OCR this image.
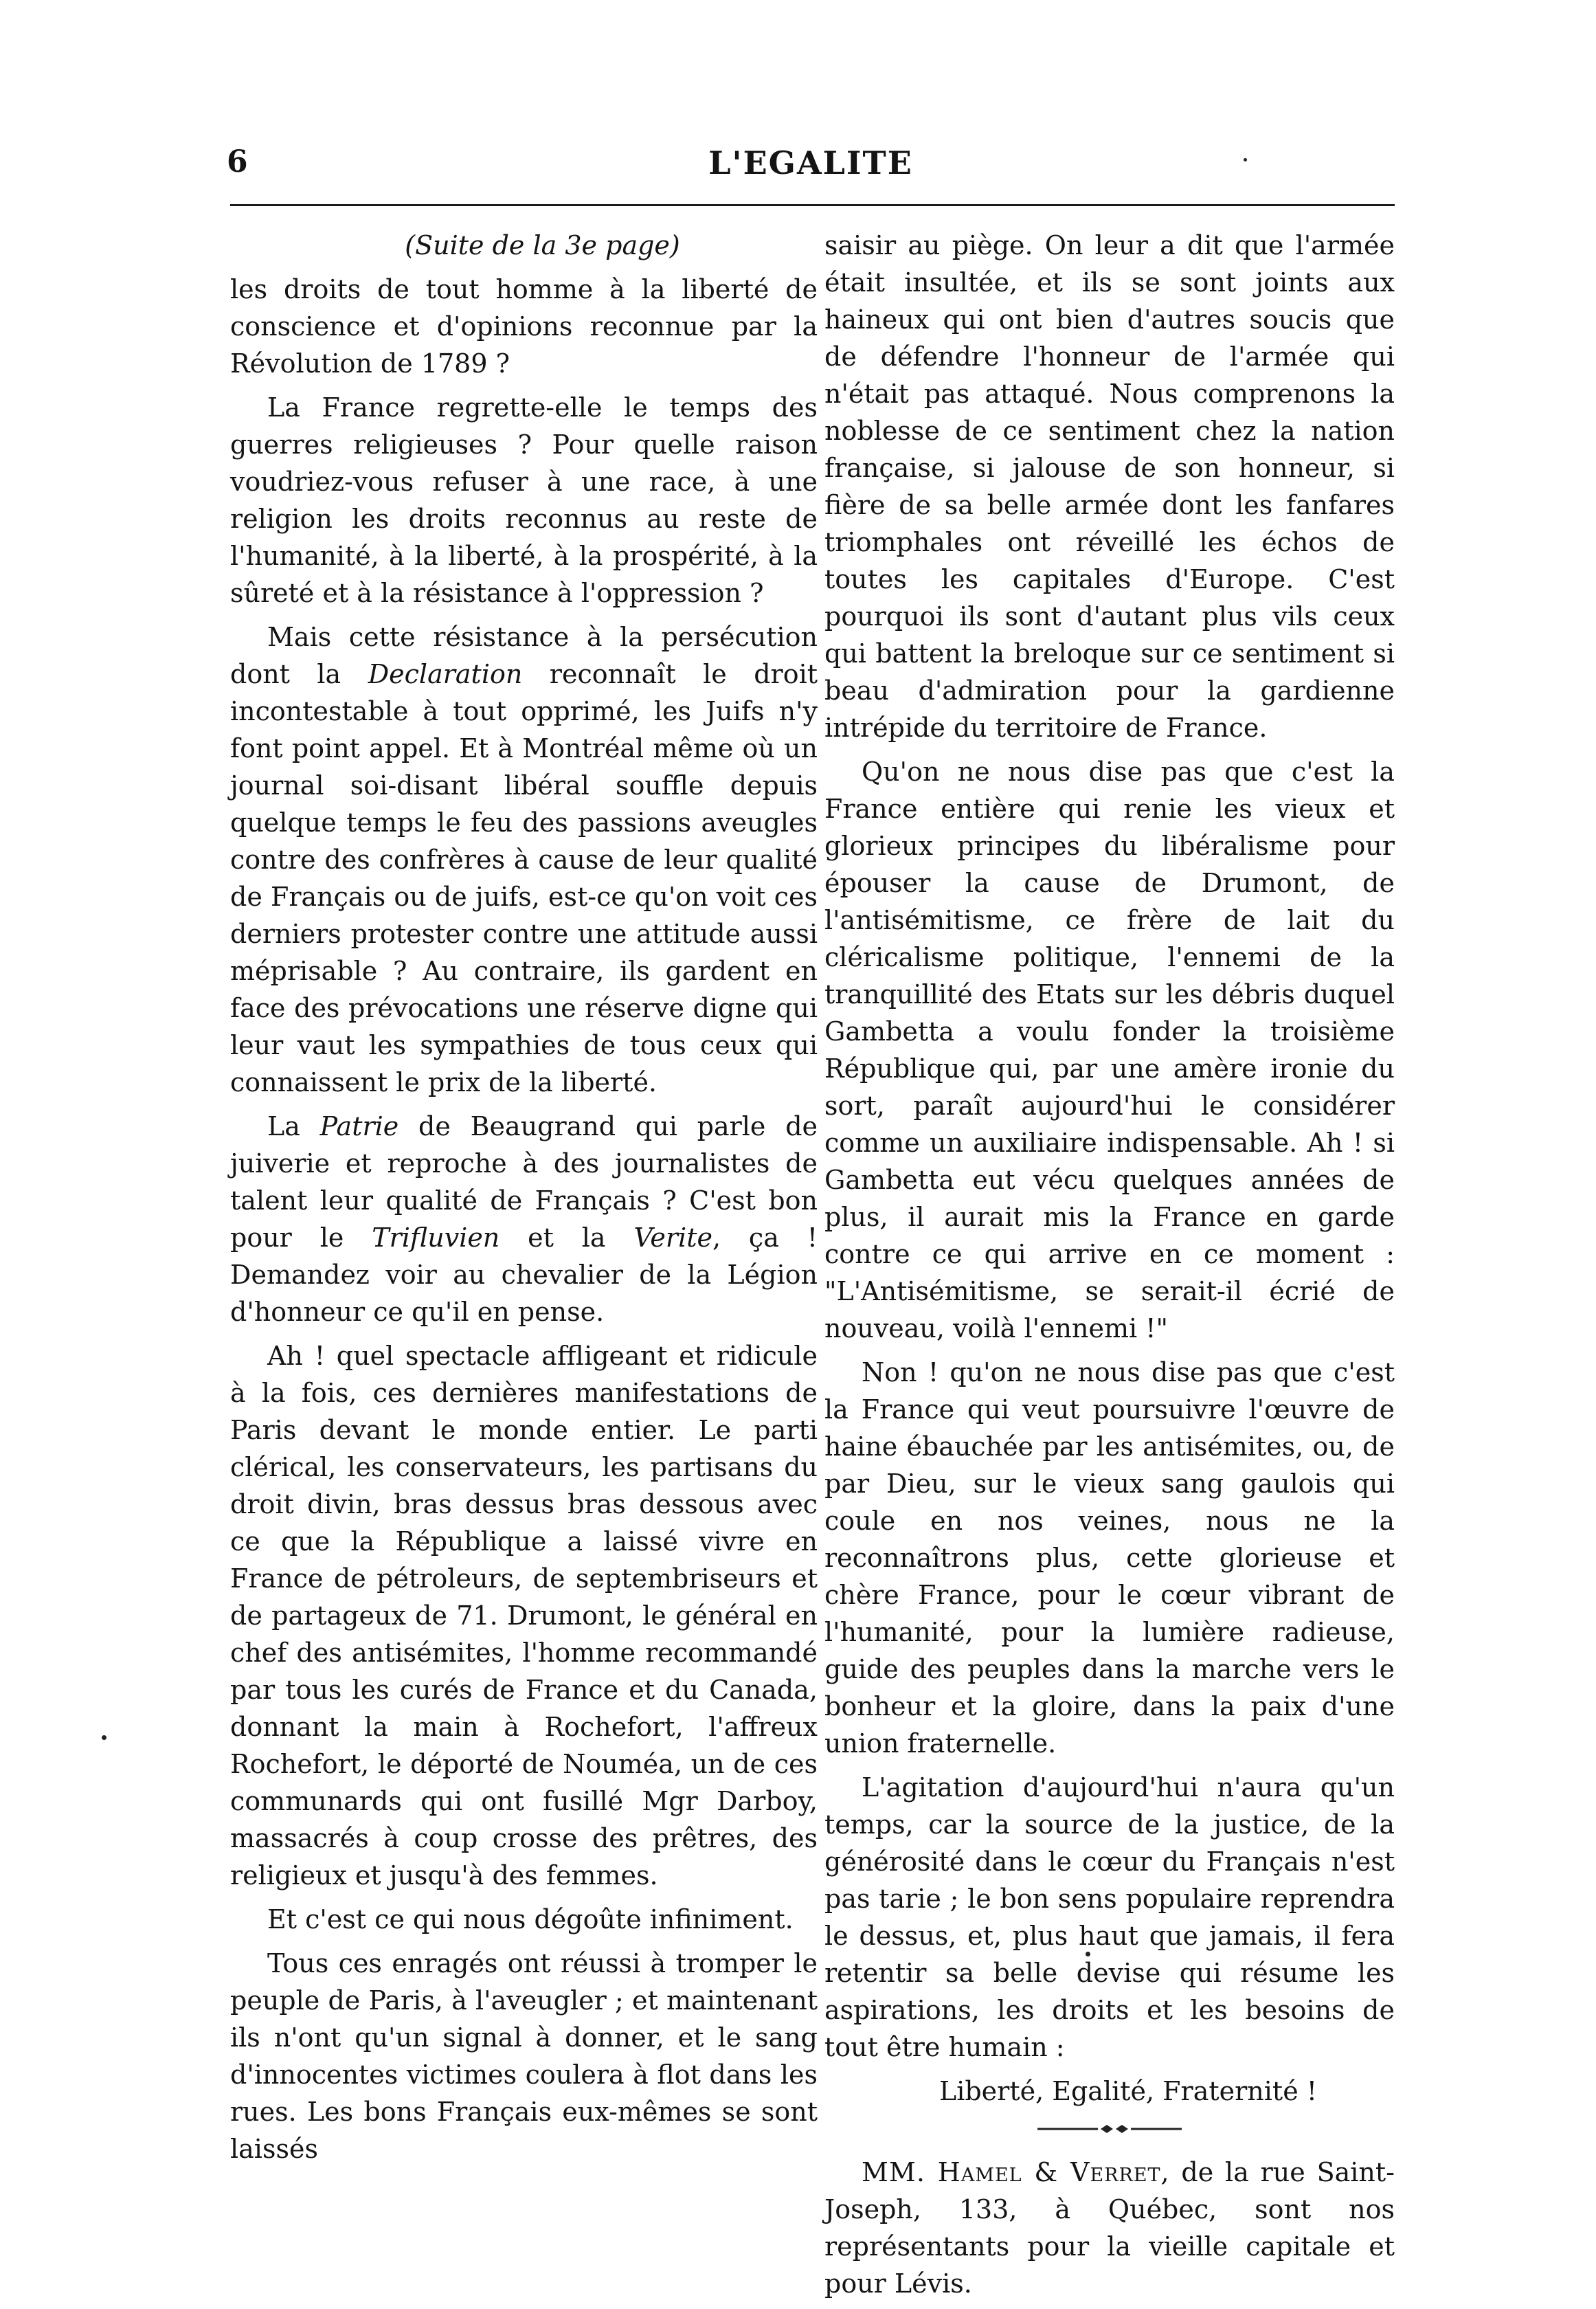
6	L'EGALITE

(Suite de la 3e page)

les droits de tout homme à la liberté de conscience et d'opinions reconnue par la Révolution de 1789 ?

La France regrette-elle le temps des guerres religieuses ? Pour quelle raison voudriez-vous refuser à une race, à une religion les droits reconnus au reste de l'humanité, à la liberté, à la prospérité, à la sûreté et à la résistance à l'oppression ?

Mais cette résistance à la persécution dont la Declaration reconnaît le droit incontestable à tout opprimé, les Juifs n'y font point appel. Et à Montréal même où un journal soi-disant libéral souffle depuis quelque temps le feu des passions aveugles contre des confrères à cause de leur qualité de Français ou de juifs, est-ce qu'on voit ces derniers protester contre une attitude aussi méprisable ? Au contraire, ils gardent en face des prévocations une réserve digne qui leur vaut les sympathies de tous ceux qui connaissent le prix de la liberté.

La Patrie de Beaugrand qui parle de juiverie et reproche à des journalistes de talent leur qualité de Français ? C'est bon pour le Trifluvien et la Verite, ça ! Demandez voir au chevalier de la Légion d'honneur ce qu'il en pense.

Ah ! quel spectacle affligeant et ridicule à la fois, ces dernières manifestations de Paris devant le monde entier. Le parti clérical, les conservateurs, les partisans du droit divin, bras dessus bras dessous avec ce que la République a laissé vivre en France de pétroleurs, de septembriseurs et de partageux de 71. Drumont, le général en chef des antisémites, l'homme recommandé par tous les curés de France et du Canada, donnant la main à Rochefort, l'affreux Rochefort, le déporté de Nouméa, un de ces communards qui ont fusillé Mgr Darboy, massacrés à coup crosse des prêtres, des religieux et jusqu'à des femmes.

Et c'est ce qui nous dégoûte infiniment.

Tous ces enragés ont réussi à tromper le peuple de Paris, à l'aveugler ; et maintenant ils n'ont qu'un signal à donner, et le sang d'innocentes victimes coulera à flot dans les rues. Les bons Français eux-mêmes se sont laissés

saisir au piège. On leur a dit que l'armée était insultée, et ils se sont joints aux haineux qui ont bien d'autres soucis que de défendre l'honneur de l'armée qui n'était pas attaqué. Nous comprenons la noblesse de ce sentiment chez la nation française, si jalouse de son honneur, si fière de sa belle armée dont les fanfares triomphales ont réveillé les échos de toutes les capitales d'Europe. C'est pourquoi ils sont d'autant plus vils ceux qui battent la breloque sur ce sentiment si beau d'admiration pour la gardienne intrépide du territoire de France.

Qu'on ne nous dise pas que c'est la France entière qui renie les vieux et glorieux principes du libéralisme pour épouser la cause de Drumont, de l'antisémitisme, ce frère de lait du cléricalisme politique, l'ennemi de la tranquillité des Etats sur les débris duquel Gambetta a voulu fonder la troisième République qui, par une amère ironie du sort, paraît aujourd'hui le considérer comme un auxiliaire indispensable. Ah ! si Gambetta eut vécu quelques années de plus, il aurait mis la France en garde contre ce qui arrive en ce moment : "L'Antisémitisme, se serait-il écrié de nouveau, voilà l'ennemi !"

Non ! qu'on ne nous dise pas que c'est la France qui veut poursuivre l'œuvre de haine ébauchée par les antisémites, ou, de par Dieu, sur le vieux sang gaulois qui coule en nos veines, nous ne la reconnaîtrons plus, cette glorieuse et chère France, pour le cœur vibrant de l'humanité, pour la lumière radieuse, guide des peuples dans la marche vers le bonheur et la gloire, dans la paix d'une union fraternelle.

L'agitation d'aujourd'hui n'aura qu'un temps, car la source de la justice, de la générosité dans le cœur du Français n'est pas tarie ; le bon sens populaire reprendra le dessus, et, plus haut que jamais, il fera retentir sa belle devise qui résume les aspirations, les droits et les besoins de tout être humain :

Liberté, Egalité, Fraternité !

MM. Hamel & Verret, de la rue Saint-Joseph, 133, à Québec, sont nos représentants pour la vieille capitale et pour Lévis.
